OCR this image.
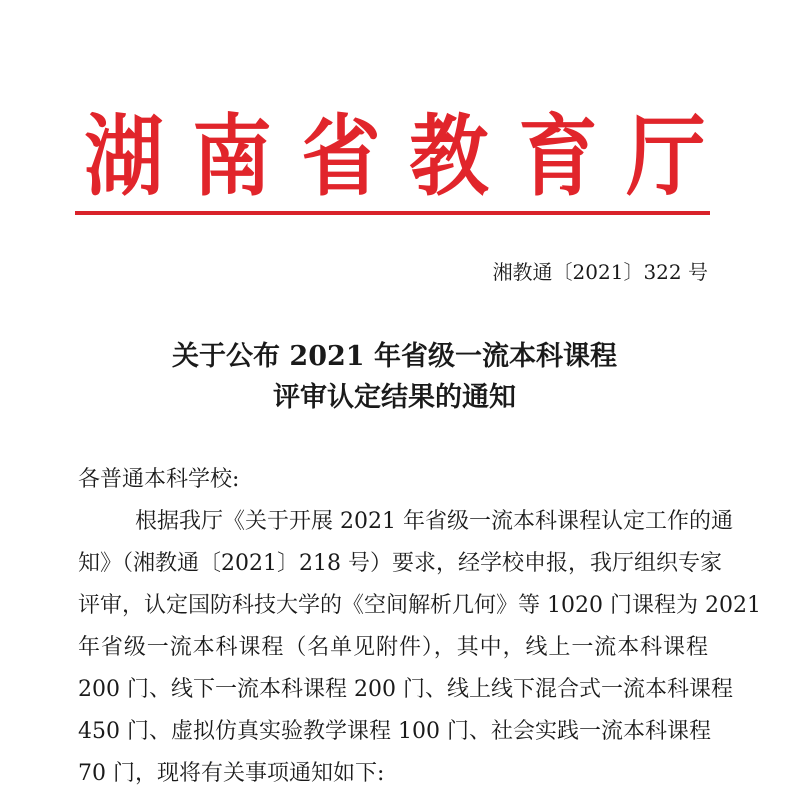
湖 南 省 教 育 厅
湘教通〔2021〕322 号
关于公布 2021 年省级一流本科课程
评审认定结果的通知
各普通本科学校:
根据我厅《关于开展 2021 年省级一流本科课程认定工作的通
知》（湘教通〔2021〕218 号）要求，经学校申报，我厅组织专家
评审，认定国防科技大学的《空间解析几何》等 1020 门课程为 2021
年省级一流本科课程（名单见附件），其中，线上一流本科课程
200 门、线下一流本科课程 200 门、线上线下混合式一流本科课程
450 门、虚拟仿真实验教学课程 100 门、社会实践一流本科课程
70 门，现将有关事项通知如下:
